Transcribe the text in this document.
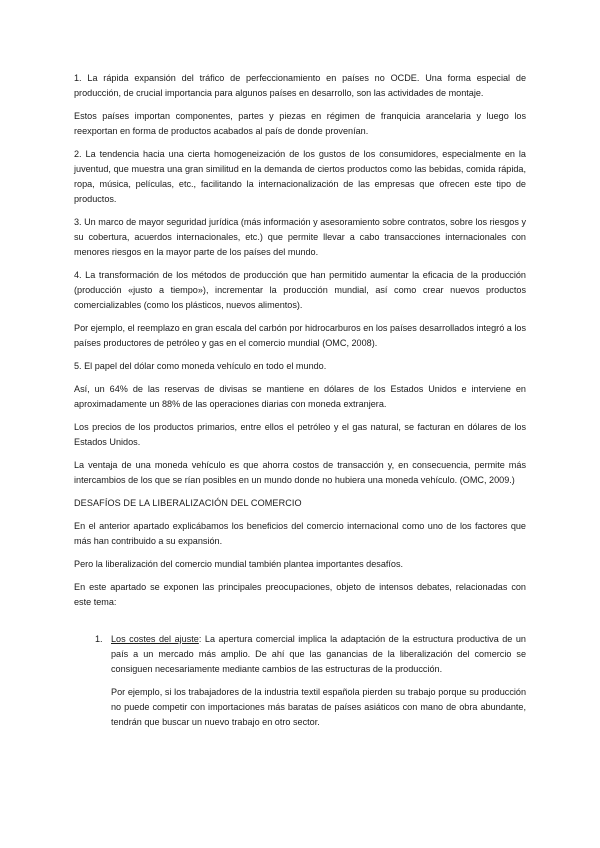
1. La rápida expansión del tráfico de perfeccionamiento en países no OCDE. Una forma especial de producción, de crucial importancia para algunos países en desarrollo, son las actividades de montaje.

Estos países importan componentes, partes y piezas en régimen de franquicia arancelaria y luego los reexportan en forma de productos acabados al país de donde provenían.

2. La tendencia hacia una cierta homogeneización de los gustos de los consumidores, especialmente en la juventud, que muestra una gran similitud en la demanda de ciertos productos como las bebidas, comida rápida, ropa, música, películas, etc., facilitando la internacionalización de las empresas que ofrecen este tipo de productos.

3. Un marco de mayor seguridad jurídica (más información y asesoramiento sobre contratos, sobre los riesgos y su cobertura, acuerdos internacionales, etc.) que permite llevar a cabo transacciones internacionales con menores riesgos en la mayor parte de los países del mundo.

4. La transformación de los métodos de producción que han permitido aumentar la eficacia de la producción (producción «justo a tiempo»), incrementar la producción mundial, así como crear nuevos productos comercializables (como los plásticos, nuevos alimentos).

Por ejemplo, el reemplazo en gran escala del carbón por hidrocarburos en los países desarrollados integró a los países productores de petróleo y gas en el comercio mundial (OMC, 2008).

5. El papel del dólar como moneda vehículo en todo el mundo.

Así, un 64% de las reservas de divisas se mantiene en dólares de los Estados Unidos e interviene en aproximadamente un 88% de las operaciones diarias con moneda extranjera.

Los precios de los productos primarios, entre ellos el petróleo y el gas natural, se facturan en dólares de los Estados Unidos.

La ventaja de una moneda vehículo es que ahorra costos de transacción y, en consecuencia, permite más intercambios de los que se rían posibles en un mundo donde no hubiera una moneda vehículo. (OMC, 2009.)

DESAFÍOS DE LA LIBERALIZACIÓN DEL COMERCIO

En el anterior apartado explicábamos los beneficios del comercio internacional como uno de los factores que más han contribuido a su expansión.

Pero la liberalización del comercio mundial también plantea importantes desafíos.

En este apartado se exponen las principales preocupaciones, objeto de intensos debates, relacionadas con este tema:

1. Los costes del ajuste: La apertura comercial implica la adaptación de la estructura productiva de un país a un mercado más amplio. De ahí que las ganancias de la liberalización del comercio se consiguen necesariamente mediante cambios de las estructuras de la producción.

Por ejemplo, si los trabajadores de la industria textil española pierden su trabajo porque su producción no puede competir con importaciones más baratas de países asiáticos con mano de obra abundante, tendrán que buscar un nuevo trabajo en otro sector.
